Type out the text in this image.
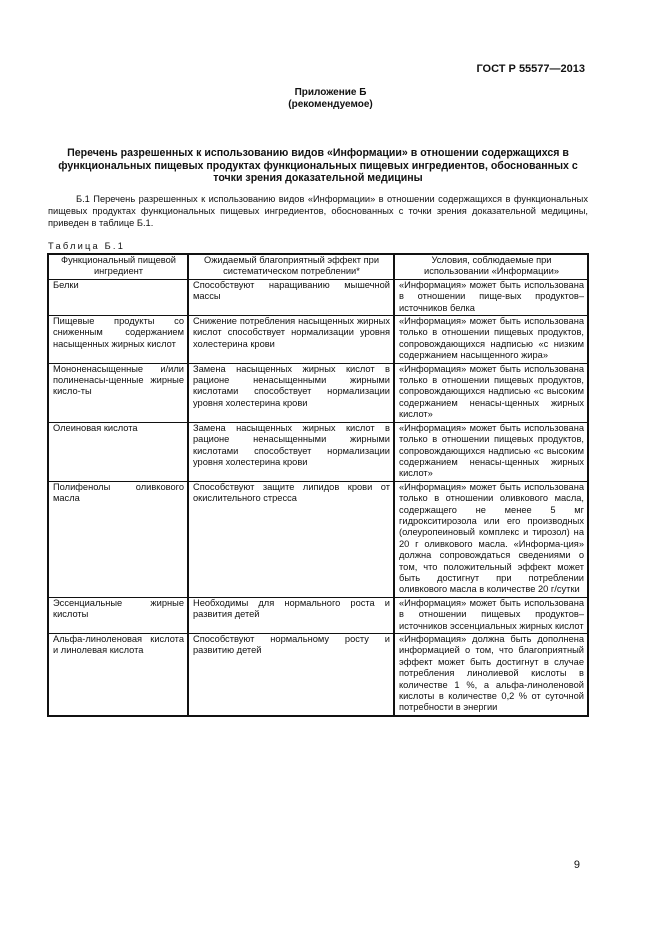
ГОСТ Р 55577—2013
Приложение Б
(рекомендуемое)
Перечень разрешенных к использованию видов «Информации» в отношении содержащихся в функциональных пищевых продуктах функциональных пищевых ингредиентов, обоснованных с точки зрения доказательной медицины
Б.1 Перечень разрешенных к использованию видов «Информации» в отношении содержащихся в функциональных пищевых продуктах функциональных пищевых ингредиентов, обоснованных с точки зрения доказательной медицины, приведен в таблице Б.1.
Таблица Б.1
Функциональный пищевой ингредиент	Ожидаемый благоприятный эффект при систематическом потреблении*	Условия, соблюдаемые при использовании «Информации»
Белки	Способствуют наращиванию мышечной массы	«Информация» может быть использована в отношении пище-вых продуктов–источников белка
Пищевые продукты со сниженным содержанием насыщенных жирных кислот	Снижение потребления насыщенных жирных кислот способствует нормализации уровня холестерина крови	«Информация» может быть использована только в отношении пищевых продуктов, сопровождающихся надписью «с низким содержанием насыщенного жира»
Мононенасыщенные и/или полиненасы-щенные жирные кисло-ты	Замена насыщенных жирных кислот в рационе ненасыщенными жирными кислотами способствует нормализации уровня холестерина крови	«Информация» может быть использована только в отношении пищевых продуктов, сопровождающихся надписью «с высоким содержанием ненасы-щенных жирных кислот»
Олеиновая кислота	Замена насыщенных жирных кислот в рационе ненасыщенными жирными кислотами способствует нормализации уровня холестерина крови	«Информация» может быть использована только в отношении пищевых продуктов, сопровождающихся надписью «с высоким содержанием ненасы-щенных жирных кислот»
Полифенолы оливкового масла	Способствуют защите липидов крови от окислительного стресса	«Информация» может быть использована только в отношении оливкового масла, содержащего не менее 5 мг гидрокситирозола или его производных (олеуропеиновый комплекс и тирозол) на 20 г оливкового масла. «Информа-ция» должна сопровождаться сведениями о том, что положительный эффект может быть достигнут при потреблении оливкового масла в количестве 20 г/сутки
Эссенциальные жирные кислоты	Необходимы для нормального роста и развития детей	«Информация» может быть использована в отношении пищевых продуктов–источников эссенциальных жирных кислот
Альфа-линоленовая кислота и линолевая кислота	Способствуют нормальному росту и развитию детей	«Информация» должна быть дополнена информацией о том, что благоприятный эффект может быть достигнут в случае потребления линолиевой кислоты в количестве 1 %, а альфа-линоленовой кислоты в количестве 0,2 % от суточной потребности в энергии
9
